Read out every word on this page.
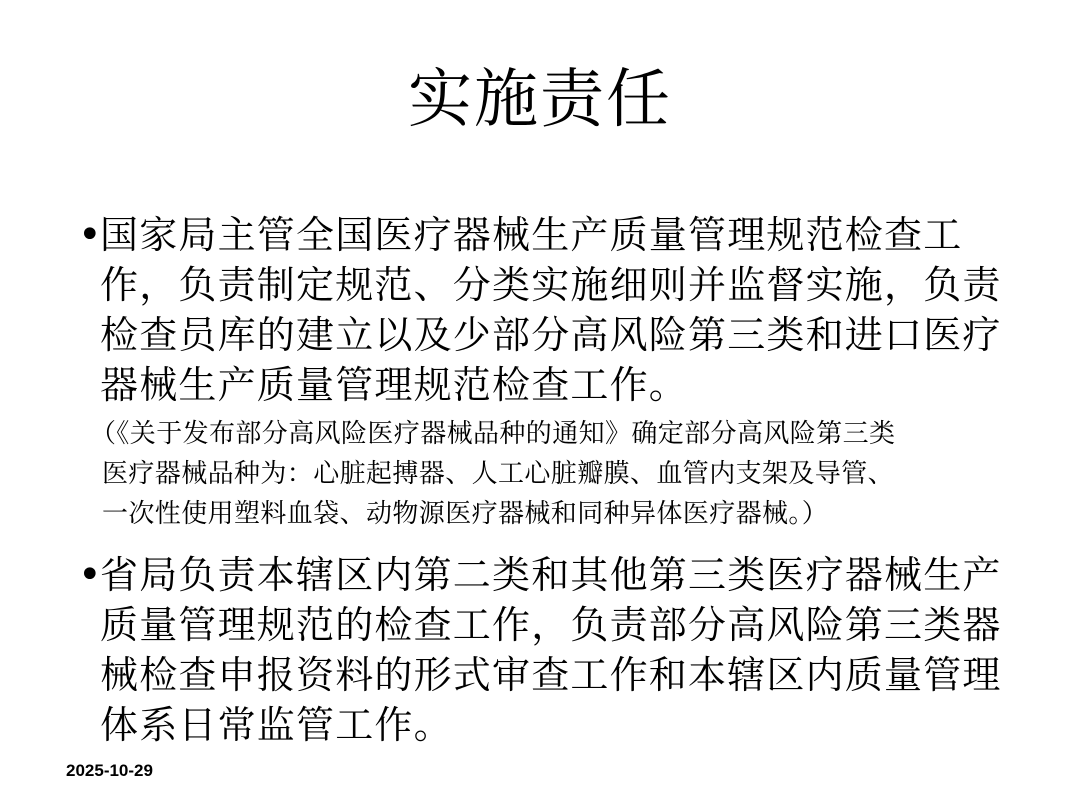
实施责任
•
国家局主管全国医疗器械生产质量管理规范检查工作，负责制定规范、分类实施细则并监督实施，负责检查员库的建立以及少部分高风险第三类和进口医疗器械生产质量管理规范检查工作。
（《关于发布部分高风险医疗器械品种的通知》确定部分高风险第三类
医疗器械品种为：心脏起搏器、人工心脏瓣膜、血管内支架及导管、
一次性使用塑料血袋、动物源医疗器械和同种异体医疗器械。）
•
省局负责本辖区内第二类和其他第三类医疗器械生产质量管理规范的检查工作，负责部分高风险第三类器械检查申报资料的形式审查工作和本辖区内质量管理体系日常监管工作。
2025-10-29
